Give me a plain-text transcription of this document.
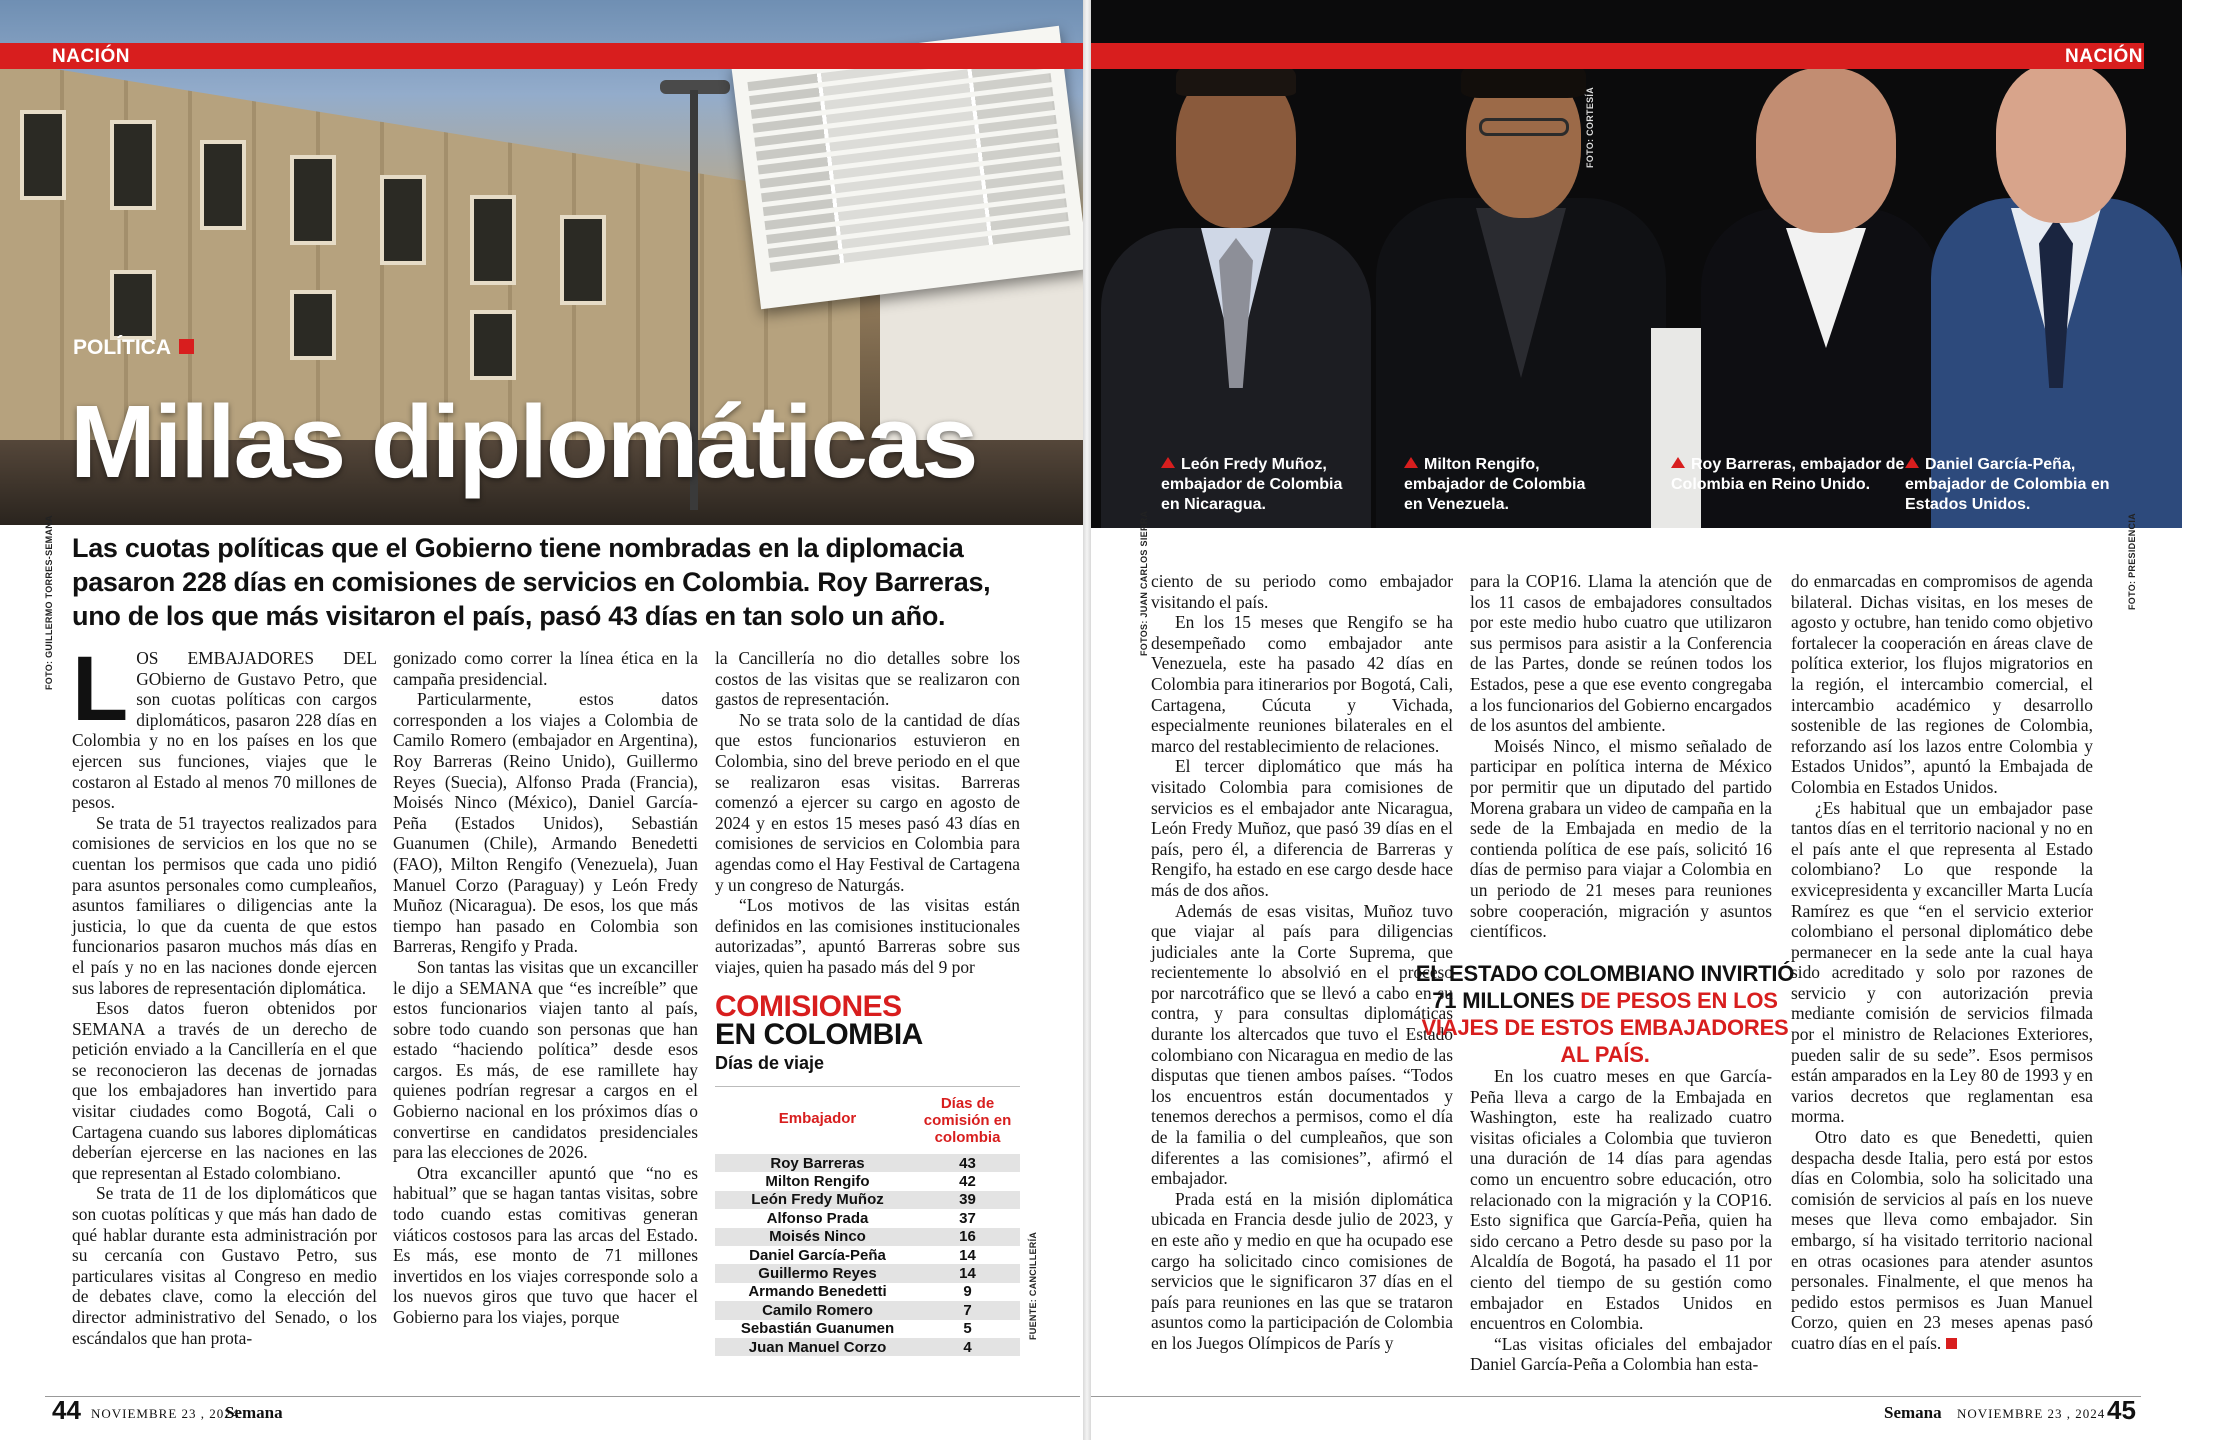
NACIÓN
POLÍTICA
Millas diplomáticas
FOTO: GUILLERMO TORRES-SEMANA Las cuotas políticas que el Gobierno tiene nombradas en la diplomacia pasaron 228 días en comisiones de servicios en Colombia. Roy Barreras, uno de los que más visitaron el país, pasó 43 días en tan solo un año.

LOS EMBAJADORES DEL GObierno de Gustavo Petro, que son cuotas políticas con cargos diplomáticos, pasaron 228 días en Colombia y no en los países en los que ejercen sus funciones, viajes que le costaron al Estado al menos 70 millones de pesos.

Se trata de 51 trayectos realizados para comisiones de servicios en los que no se cuentan los permisos que cada uno pidió para asuntos personales como cumpleaños, asuntos familiares o diligencias ante la justicia, lo que da cuenta de que estos funcionarios pasaron muchos más días en el país y no en las naciones donde ejercen sus labores de representación diplomática.

Esos datos fueron obtenidos por SEMANA a través de un derecho de petición enviado a la Cancillería en el que se reconocieron las decenas de jornadas que los embajadores han invertido para visitar ciudades como Bogotá, Cali o Cartagena cuando sus labores diplomáticas deberían ejercerse en las naciones en las que representan al Estado colombiano.

Se trata de 11 de los diplomáticos que son cuotas políticas y que más han dado de qué hablar durante esta administración por su cercanía con Gustavo Petro, sus particulares visitas al Congreso en medio de debates clave, como la elección del director administrativo del Senado, o los escándalos que han prota-

gonizado como correr la línea ética en la campaña presidencial.

Particularmente, estos datos corresponden a los viajes a Colombia de Camilo Romero (embajador en Argentina), Roy Barreras (Reino Unido), Guillermo Reyes (Suecia), Alfonso Prada (Francia), Moisés Ninco (México), Daniel García-Peña (Estados Unidos), Sebastián Guanumen (Chile), Armando Benedetti (FAO), Milton Rengifo (Venezuela), Juan Manuel Corzo (Paraguay) y León Fredy Muñoz (Nicaragua). De esos, los que más tiempo han pasado en Colombia son Barreras, Rengifo y Prada.

Son tantas las visitas que un excanciller le dijo a SEMANA que “es increíble” que estos funcionarios viajen tanto al país, sobre todo cuando son personas que han estado “haciendo política” desde esos cargos. Es más, de ese ramillete hay quienes podrían regresar a cargos en el Gobierno nacional en los próximos días o convertirse en candidatos presidenciales para las elecciones de 2026.

Otra excanciller apuntó que “no es habitual” que se hagan tantas visitas, sobre todo cuando estas comitivas generan viáticos costosos para las arcas del Estado. Es más, ese monto de 71 millones invertidos en los viajes corresponde solo a los nuevos giros que tuvo que hacer el Gobierno para los viajes, porque

la Cancillería no dio detalles sobre los costos de las visitas que se realizaron con gastos de representación.

No se trata solo de la cantidad de días que estos funcionarios estuvieron en Colombia, sino del breve periodo en el que se realizaron esas visitas. Barreras comenzó a ejercer su cargo en agosto de 2024 y en estos 15 meses pasó 43 días en comisiones de servicios en Colombia para agendas como el Hay Festival de Cartagena y un congreso de Naturgás.

“Los motivos de las visitas están definidos en las comisiones institucionales autorizadas”, apuntó Barreras sobre sus viajes, quien ha pasado más del 9 por

COMISIONES
EN COLOMBIA
Días de viaje
Embajador
Días de comisión en colombia
Roy Barreras	43
Milton Rengifo	42
León Fredy Muñoz	39
Alfonso Prada	37
Moisés Ninco	16
Daniel García-Peña	14
Guillermo Reyes	14
Armando Benedetti	9
Camilo Romero	7
Sebastián Guanumen	5
Juan Manuel Corzo	4
FUENTE: CANCILLERÍA
44 NOVIEMBRE 23 , 2024
Semana
NACIÓN
FOTO: CORTESÍA
León Fredy Muñoz,
embajador de Colombia
en Nicaragua.
Milton Rengifo,
embajador de Colombia
en Venezuela.
Roy Barreras, embajador de
Colombia en Reino Unido.
Daniel García-Peña,
embajador de Colombia en
Estados Unidos.
FOTOS: JUAN CARLOS SIERRA	FOTO: PRESIDENCIA

ciento de su periodo como embajador visitando el país.

En los 15 meses que Rengifo se ha desempeñado como embajador ante Venezuela, este ha pasado 42 días en Colombia para itinerarios por Bogotá, Cali, Cartagena, Cúcuta y Vichada, especialmente reuniones bilaterales en el marco del restablecimiento de relaciones.

El tercer diplomático que más ha visitado Colombia para comisiones de servicios es el embajador ante Nicaragua, León Fredy Muñoz, que pasó 39 días en el país, pero él, a diferencia de Barreras y Rengifo, ha estado en ese cargo desde hace más de dos años.

Además de esas visitas, Muñoz tuvo que viajar al país para diligencias judiciales ante la Corte Suprema, que recientemente lo absolvió en el proceso por narcotráfico que se llevó a cabo en su contra, y para consultas diplomáticas durante los altercados que tuvo el Estado colombiano con Nicaragua en medio de las disputas que tienen ambos países. “Todos los encuentros están documentados y tenemos derechos a permisos, como el día de la familia o del cumpleaños, que son diferentes a las comisiones”, afirmó el embajador.

Prada está en la misión diplomática ubicada en Francia desde julio de 2023, y en este año y medio en que ha ocupado ese cargo ha solicitado cinco comisiones de servicios que le significaron 37 días en el país para reuniones en las que se trataron asuntos como la participación de Colombia en los Juegos Olímpicos de París y

para la COP16. Llama la atención que de los 11 casos de embajadores consultados por este medio hubo cuatro que utilizaron sus permisos para asistir a la Conferencia de las Partes, donde se reúnen todos los Estados, pese a que ese evento congregaba a los funcionarios del Gobierno encargados de los asuntos del ambiente.

Moisés Ninco, el mismo señalado de participar en política interna de México por permitir que un diputado del partido Morena grabara un video de campaña en la sede de la Embajada en medio de la contienda política de ese país, solicitó 16 días de permiso para viajar a Colombia en un periodo de 21 meses para reuniones sobre cooperación, migración y asuntos científicos.

EL ESTADO COLOMBIANO INVIRTIÓ 71 MILLONES DE PESOS EN LOS VIAJES DE ESTOS EMBAJADORES AL PAÍS.

En los cuatro meses en que García-Peña lleva a cargo de la Embajada en Washington, este ha realizado cuatro visitas oficiales a Colombia que tuvieron una duración de 14 días para agendas como un encuentro sobre educación, otro relacionado con la migración y la COP16. Esto significa que García-Peña, quien ha sido cercano a Petro desde su paso por la Alcaldía de Bogotá, ha pasado el 11 por ciento del tiempo de su gestión como embajador en Estados Unidos en encuentros en Colombia.

“Las visitas oficiales del embajador Daniel García-Peña a Colombia han esta-

do enmarcadas en compromisos de agenda bilateral. Dichas visitas, en los meses de agosto y octubre, han tenido como objetivo fortalecer la cooperación en áreas clave de política exterior, los flujos migratorios en la región, el intercambio comercial, el intercambio académico y desarrollo sostenible de las regiones de Colombia, reforzando así los lazos entre Colombia y Estados Unidos”, apuntó la Embajada de Colombia en Estados Unidos.

¿Es habitual que un embajador pase tantos días en el territorio nacional y no en el país ante el que representa al Estado colombiano? Lo que responde la exvicepresidenta y excanciller Marta Lucía Ramírez es que “en el servicio exterior colombiano el personal diplomático debe permanecer en la sede ante la cual haya sido acreditado y solo por razones de servicio y con autorización previa mediante comisión de servicios filmada por el ministro de Relaciones Exteriores, pueden salir de su sede”. Esos permisos están amparados en la Ley 80 de 1993 y en varios decretos que reglamentan esa morma.

Otro dato es que Benedetti, quien despacha desde Italia, pero está por estos días en Colombia, solo ha solicitado una comisión de servicios al país en los nueve meses que lleva como embajador. Sin embargo, sí ha visitado territorio nacional en otras ocasiones para atender asuntos personales. Finalmente, el que menos ha pedido estos permisos es Juan Manuel Corzo, quien en 23 meses apenas pasó cuatro días en el país.

Semana NOVIEMBRE 23 , 2024 45
